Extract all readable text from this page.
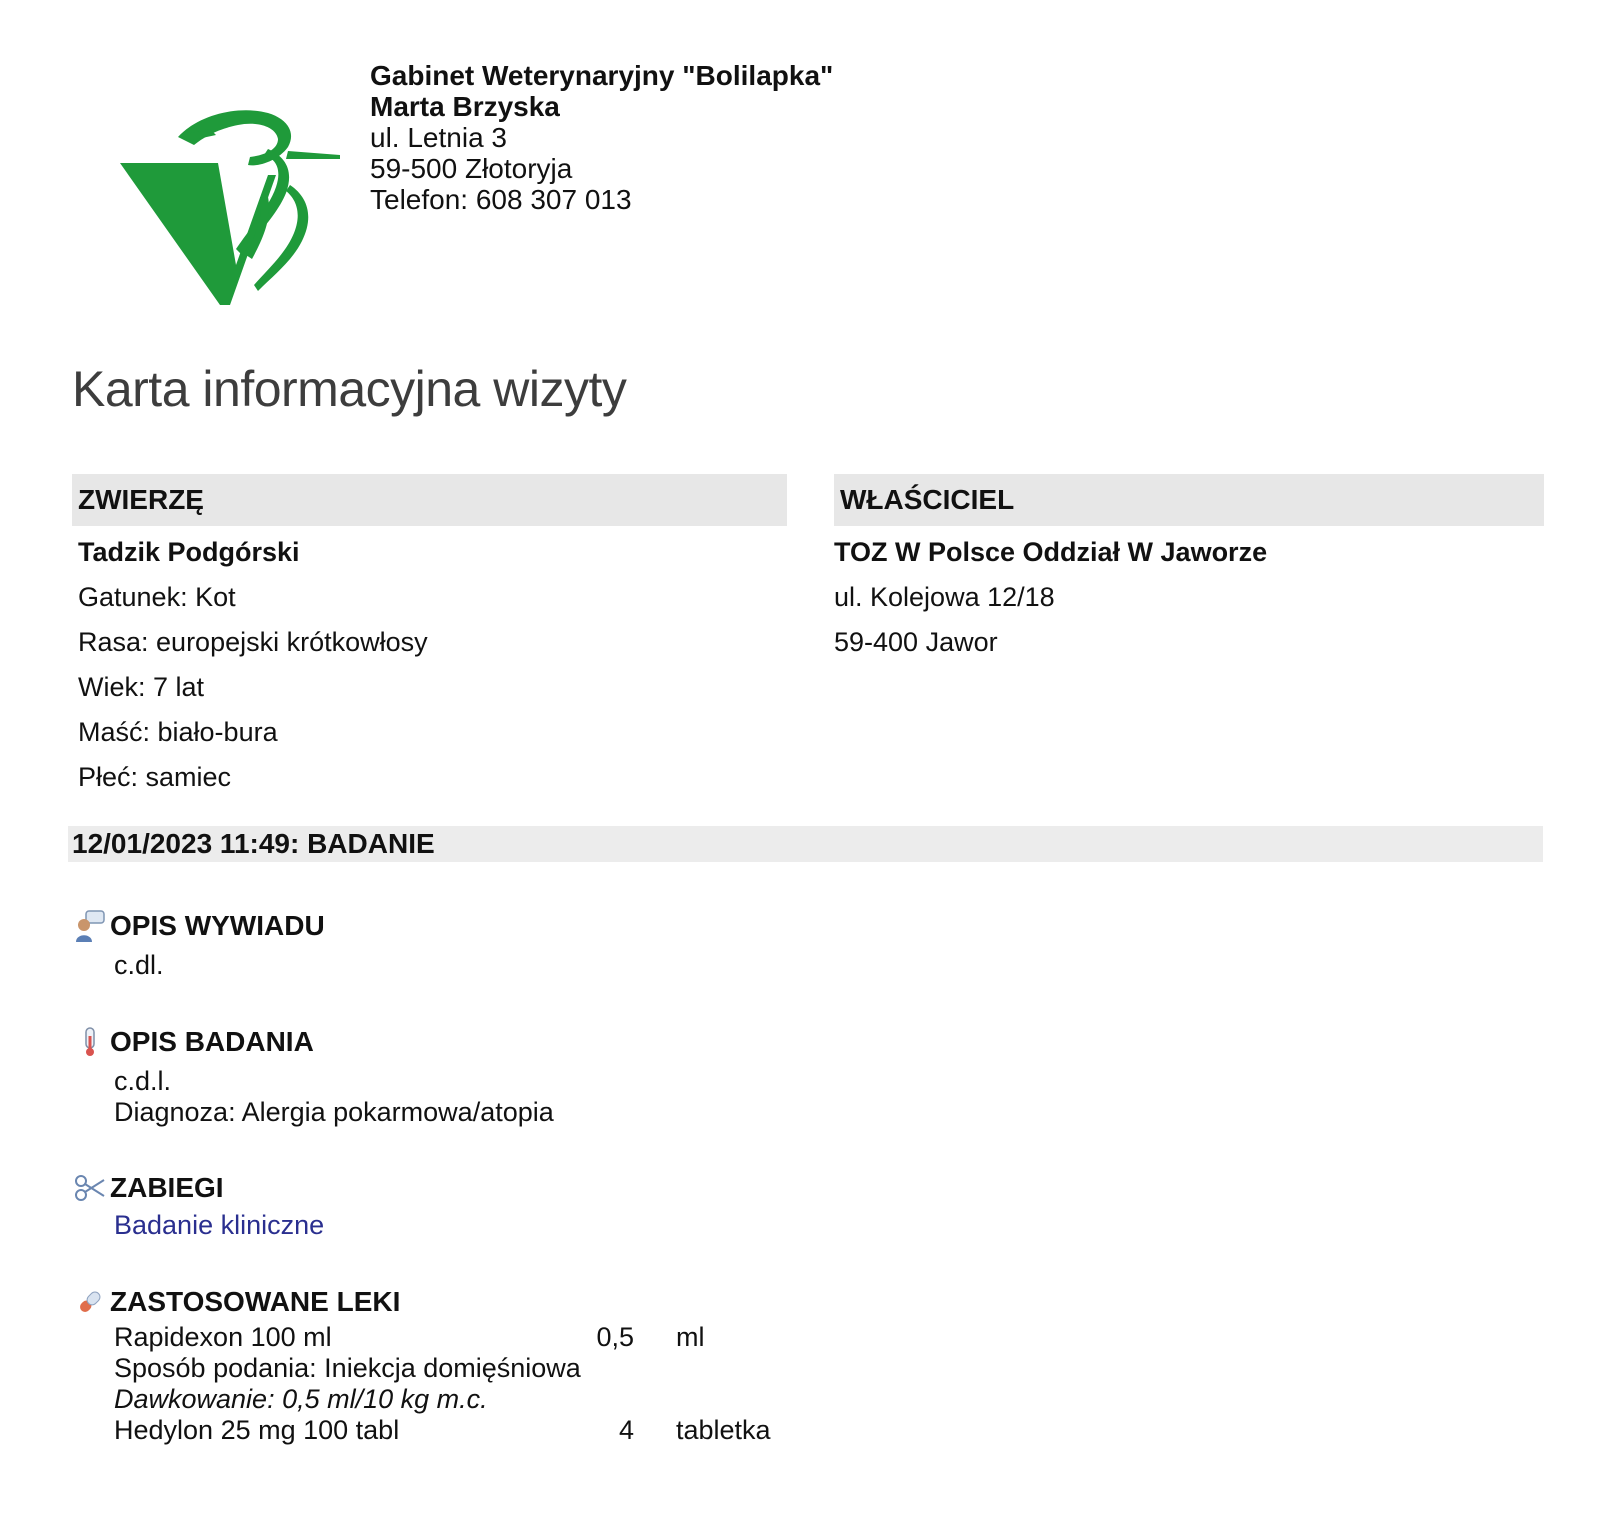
Gabinet Weterynaryjny "Bolilapka"
Marta Brzyska
ul. Letnia 3
59-500 Złotoryja
Telefon: 608 307 013
Karta informacyjna wizyty
ZWIERZĘ
Tadzik Podgórski
Gatunek: Kot
Rasa: europejski krótkowłosy
Wiek: 7 lat
Maść: biało-bura
Płeć: samiec
WŁAŚCICIEL
TOZ W Polsce Oddział W Jaworze
ul. Kolejowa 12/18
59-400 Jawor
12/01/2023 11:49: BADANIE
OPIS WYWIADU
c.dl.
OPIS BADANIA
c.d.l.
Diagnoza: Alergia pokarmowa/atopia
ZABIEGI
Badanie kliniczne
ZASTOSOWANE LEKI
Rapidexon 100 ml	0,5 ml
Sposób podania: Iniekcja domięśniowa
Dawkowanie: 0,5 ml/10 kg m.c.
Hedylon 25 mg 100 tabl	4 tabletka
